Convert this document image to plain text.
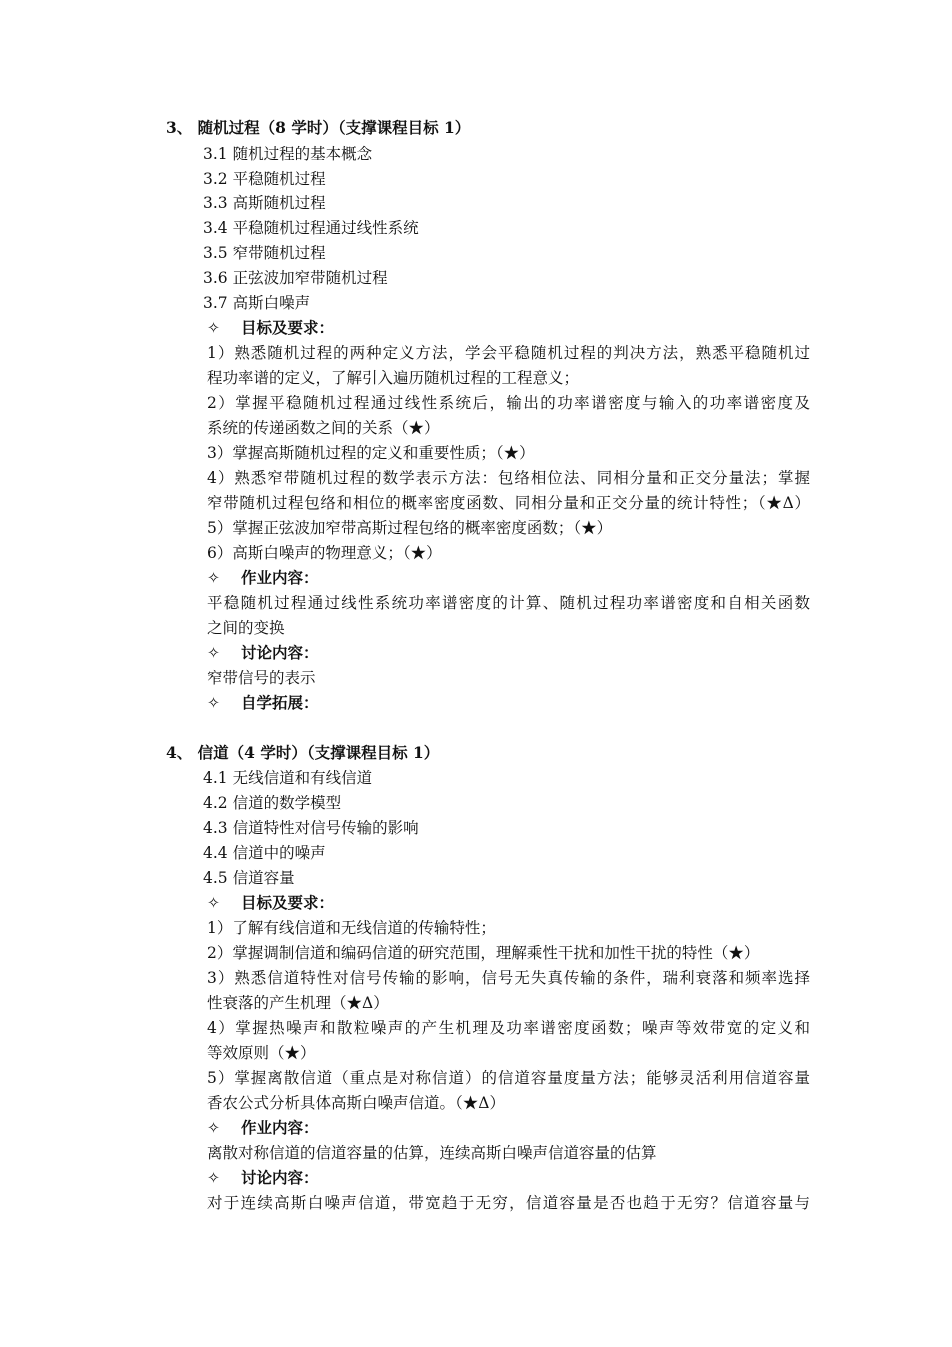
3、 随机过程（8 学时）（支撑课程目标 1）
3.1 随机过程的基本概念
3.2 平稳随机过程
3.3 高斯随机过程
3.4 平稳随机过程通过线性系统
3.5 窄带随机过程
3.6 正弦波加窄带随机过程
3.7 高斯白噪声
✧ 目标及要求：
1）熟悉随机过程的两种定义方法，学会平稳随机过程的判决方法，熟悉平稳随机过
程功率谱的定义，了解引入遍历随机过程的工程意义；
2）掌握平稳随机过程通过线性系统后，输出的功率谱密度与输入的功率谱密度及
系统的传递函数之间的关系（★）
3）掌握高斯随机过程的定义和重要性质；（★）
4）熟悉窄带随机过程的数学表示方法：包络相位法、同相分量和正交分量法；掌握
窄带随机过程包络和相位的概率密度函数、同相分量和正交分量的统计特性；（★Δ）
5）掌握正弦波加窄带高斯过程包络的概率密度函数；（★）
6）高斯白噪声的物理意义；（★）
✧ 作业内容：
平稳随机过程通过线性系统功率谱密度的计算、随机过程功率谱密度和自相关函数
之间的变换
✧ 讨论内容：
窄带信号的表示
✧ 自学拓展：
4、 信道（4 学时）（支撑课程目标 1）
4.1 无线信道和有线信道
4.2 信道的数学模型
4.3 信道特性对信号传输的影响
4.4 信道中的噪声
4.5 信道容量
✧ 目标及要求：
1）了解有线信道和无线信道的传输特性；
2）掌握调制信道和编码信道的研究范围，理解乘性干扰和加性干扰的特性（★）
3）熟悉信道特性对信号传输的影响，信号无失真传输的条件，瑞利衰落和频率选择
性衰落的产生机理（★Δ）
4）掌握热噪声和散粒噪声的产生机理及功率谱密度函数；噪声等效带宽的定义和
等效原则（★）
5）掌握离散信道（重点是对称信道）的信道容量度量方法；能够灵活利用信道容量
香农公式分析具体高斯白噪声信道。（★Δ）
✧ 作业内容：
离散对称信道的信道容量的估算，连续高斯白噪声信道容量的估算
✧ 讨论内容：
对于连续高斯白噪声信道，带宽趋于无穷，信道容量是否也趋于无穷？信道容量与
